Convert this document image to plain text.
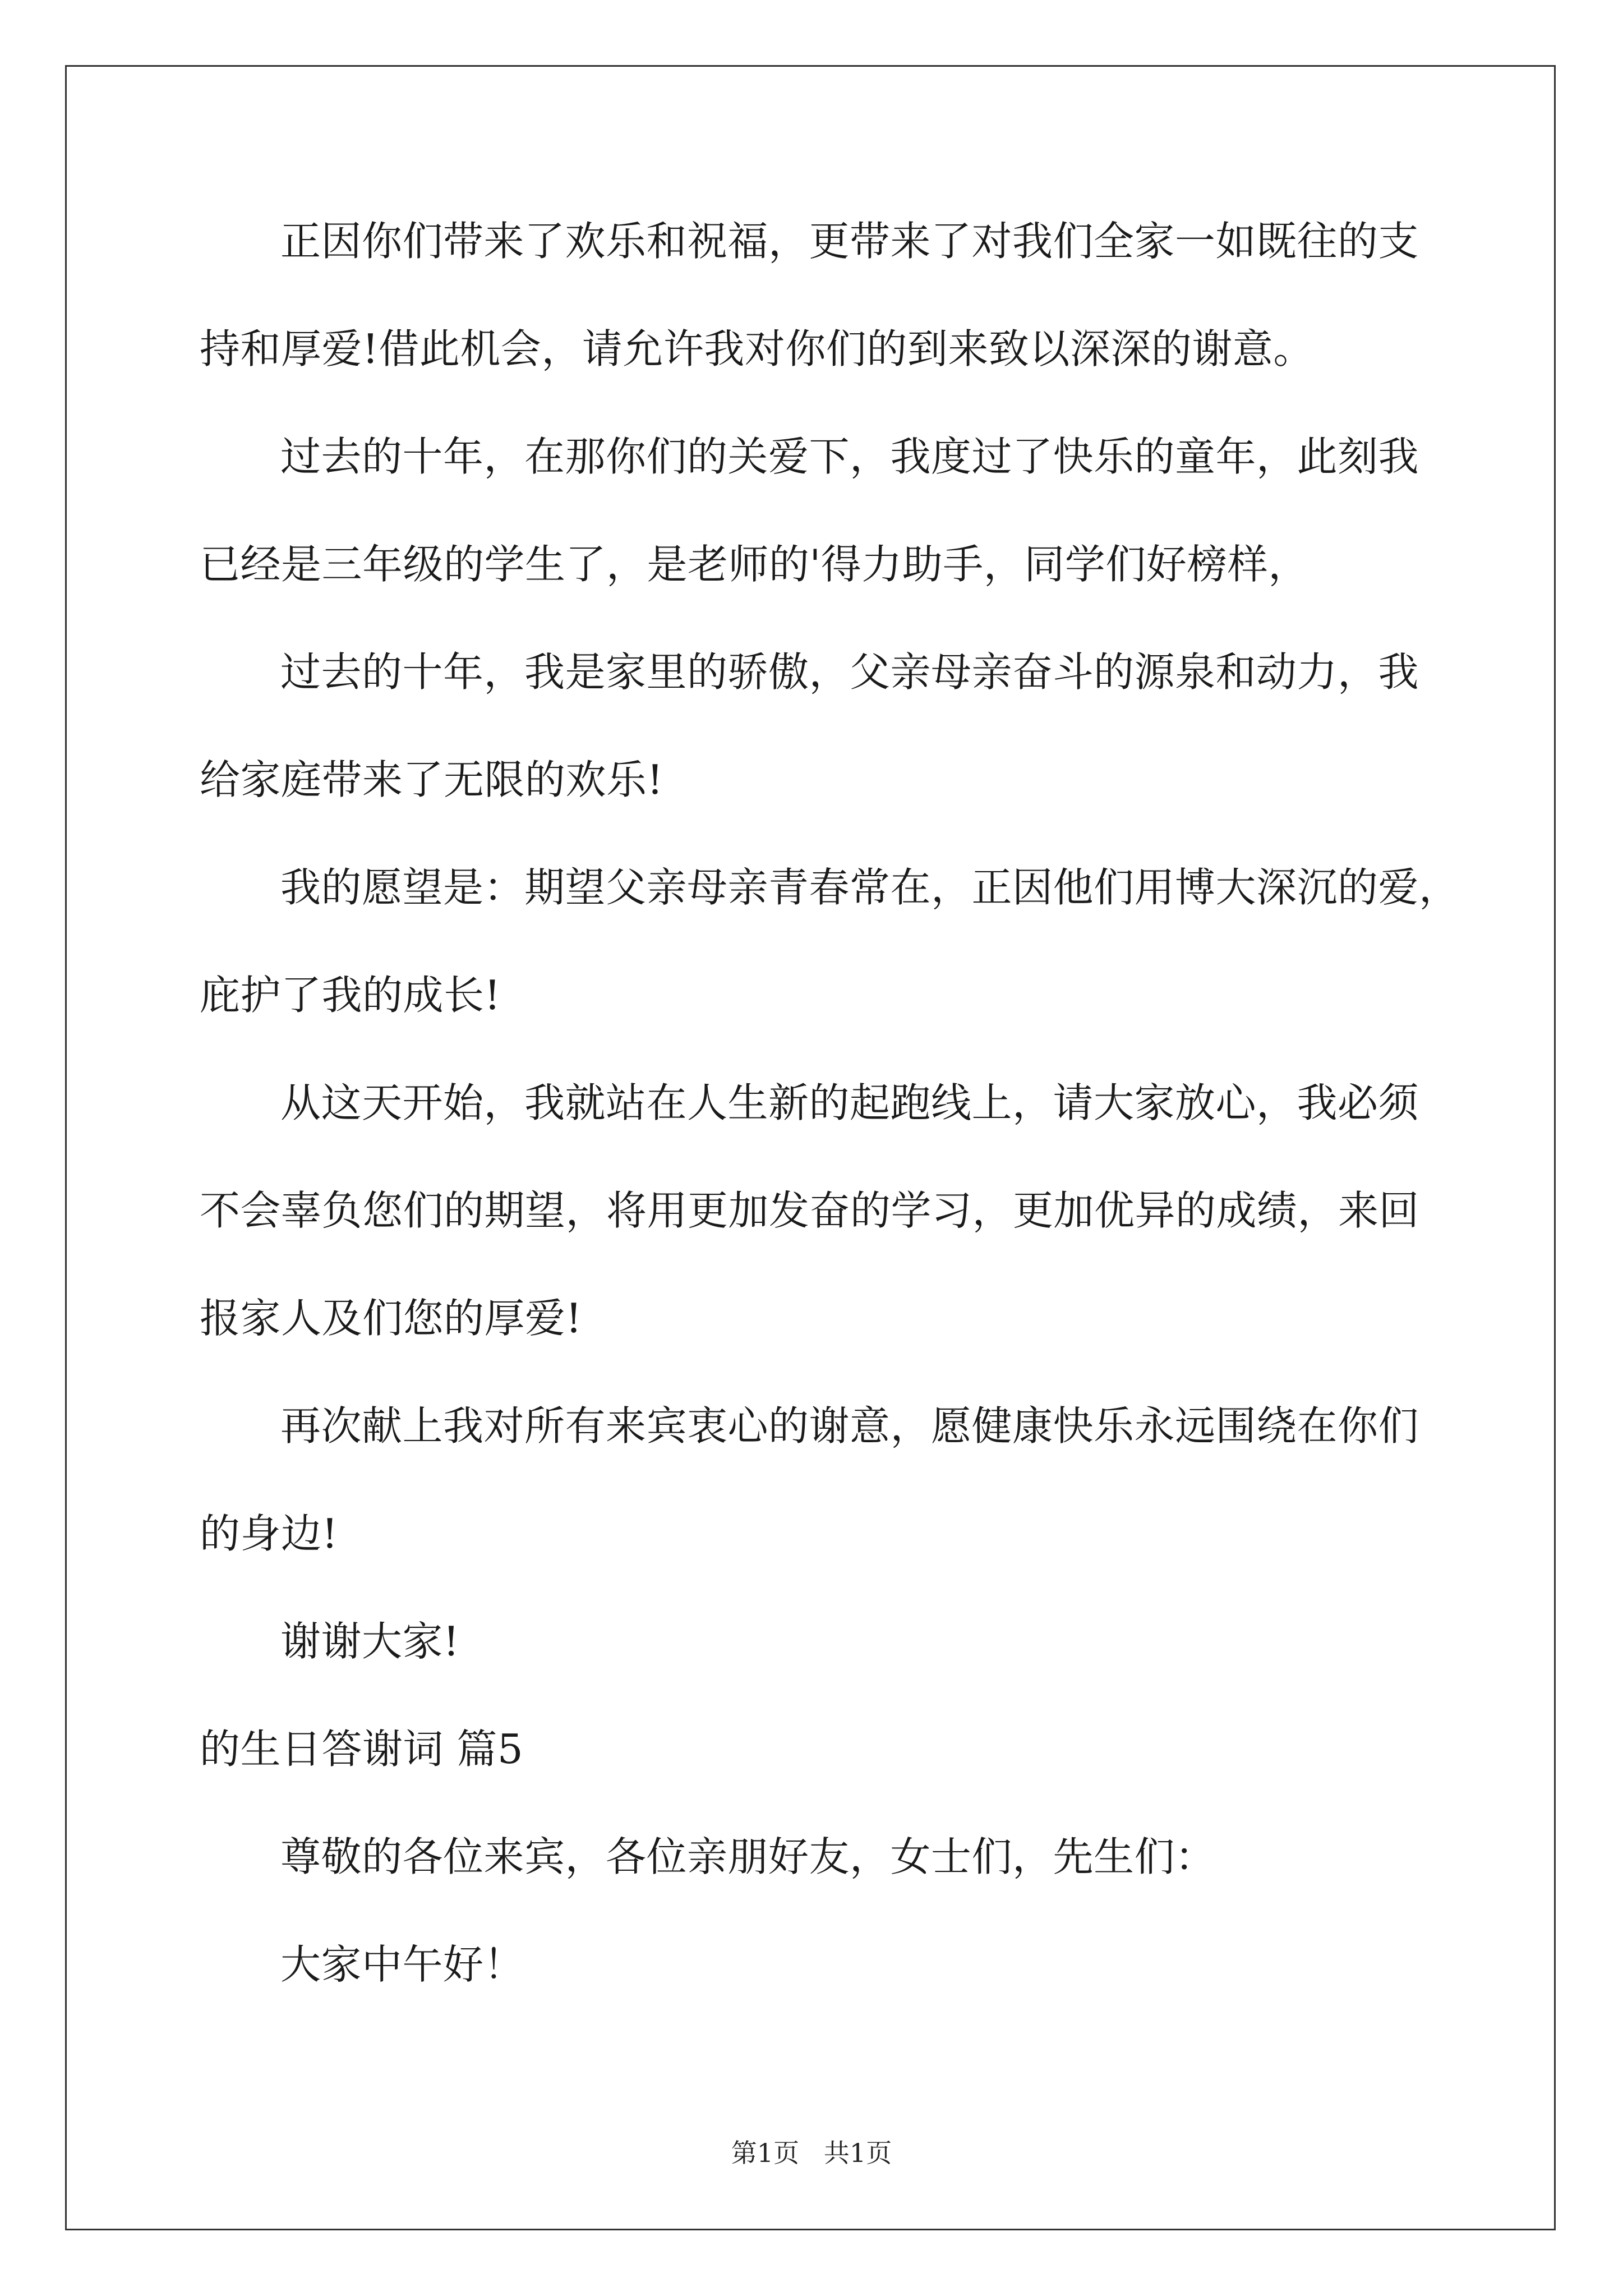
正因你们带来了欢乐和祝福，更带来了对我们全家一如既往的支
持和厚爱!借此机会，请允许我对你们的到来致以深深的谢意。
过去的十年，在那你们的关爱下，我度过了快乐的童年，此刻我
已经是三年级的学生了，是老师的'得力助手，同学们好榜样，
过去的十年，我是家里的骄傲，父亲母亲奋斗的源泉和动力，我
给家庭带来了无限的欢乐!
我的愿望是：期望父亲母亲青春常在，正因他们用博大深沉的爱，
庇护了我的成长!
从这天开始，我就站在人生新的起跑线上，请大家放心，我必须
不会辜负您们的期望，将用更加发奋的学习，更加优异的成绩，来回
报家人及们您的厚爱!
再次献上我对所有来宾衷心的谢意，愿健康快乐永远围绕在你们
的身边!
谢谢大家!
的生日答谢词 篇5
尊敬的各位来宾，各位亲朋好友，女士们，先生们：
大家中午好！
第1页   共1页
